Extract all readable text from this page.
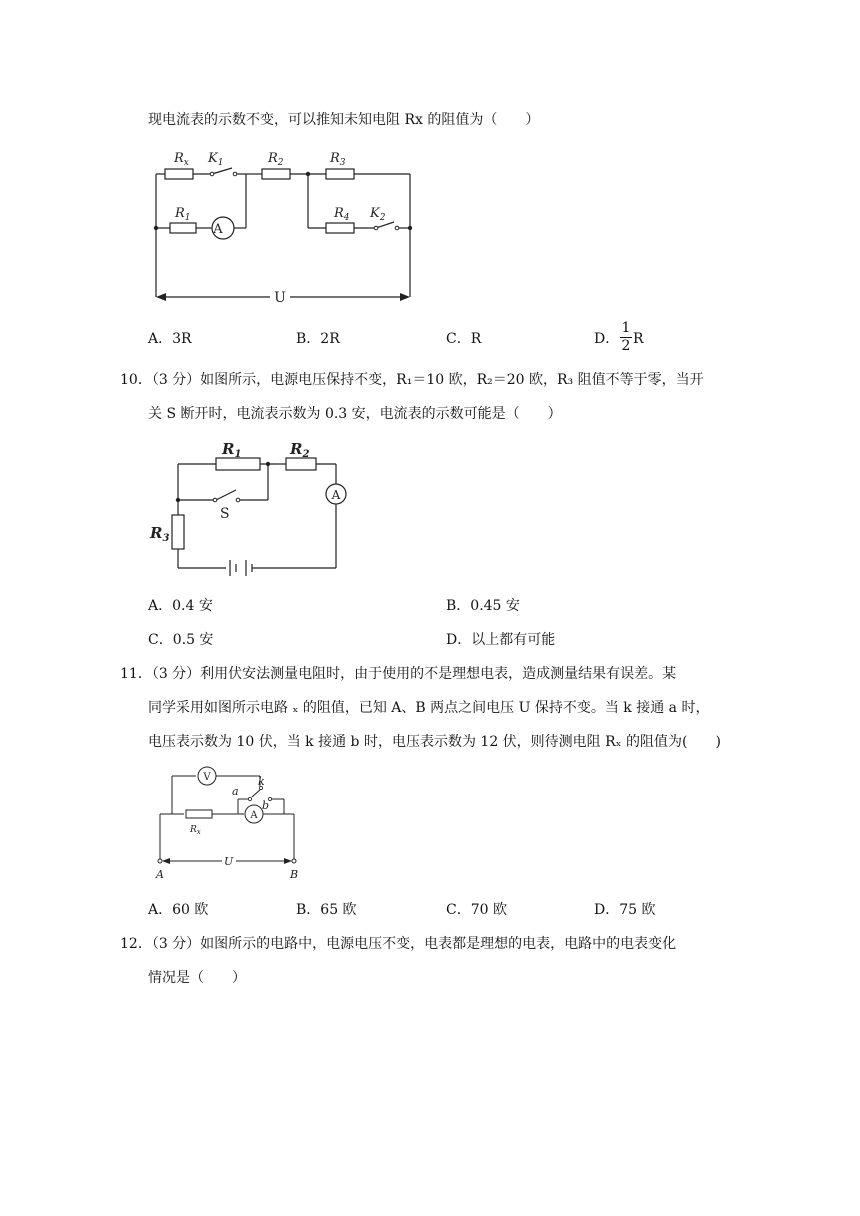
现电流表的示数不变，可以推知未知电阻 Rx 的阻值为（　　）
$R_x$ $K_1$	$R_2$	$R_3$
$R_1$	$R_4$ $K_2$
A
U
A．3R	B．2R	C．R	D．
1
2 R
10．（3 分）如图所示，电源电压保持不变，R₁＝10 欧，R₂＝20 欧，R₃ 阻值不等于零，当开
关 S 断开时，电流表示数为 0.3 安，电流表的示数可能是（　　）
$R_1$	$R_2$
$R_3$
S
A
A．0.4 安	B．0.45 安
C．0.5 安	D．以上都有可能
11．（3 分）利用伏安法测量电阻时，由于使用的不是理想电表，造成测量结果有误差。某
同学采用如图所示电路 ₓ 的阻值，已知 A、B 两点之间电压 U 保持不变。当 k 接通 a 时，
电压表示数为 10 伏，当 k 接通 b 时，电压表示数为 12 伏，则待测电阻 Rₓ 的阻值为(　　)
V
A
a
k
b
$R_x$
U
A	B
A．60 欧	B．65 欧	C．70 欧	D．75 欧
12．（3 分）如图所示的电路中，电源电压不变，电表都是理想的电表，电路中的电表变化
情况是（　　）
